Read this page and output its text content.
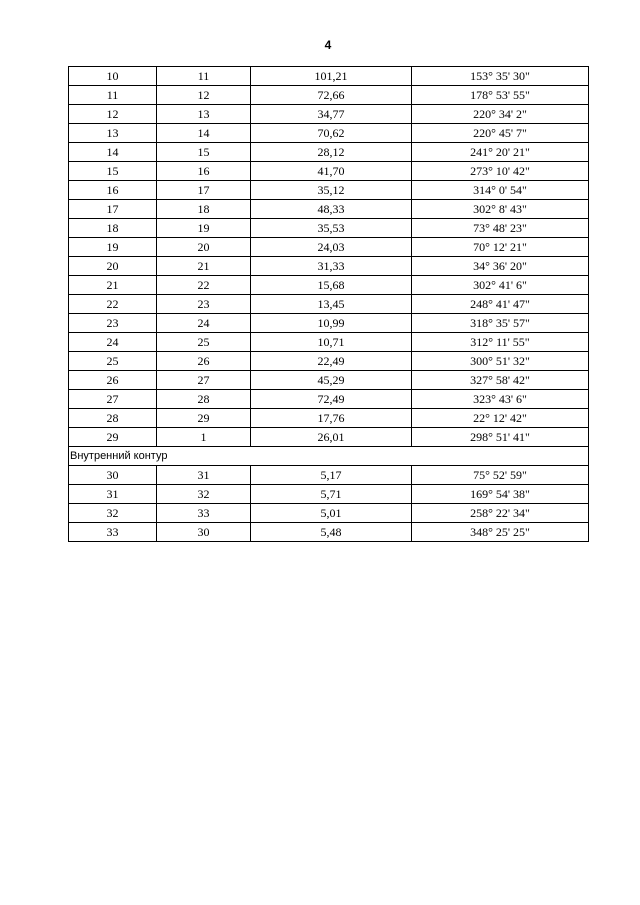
4
10	11	101,21	153° 35' 30"
11	12	72,66	178° 53' 55"
12	13	34,77	220° 34' 2"
13	14	70,62	220° 45' 7"
14	15	28,12	241° 20' 21"
15	16	41,70	273° 10' 42"
16	17	35,12	314° 0' 54"
17	18	48,33	302° 8' 43"
18	19	35,53	73° 48' 23"
19	20	24,03	70° 12' 21"
20	21	31,33	34° 36' 20"
21	22	15,68	302° 41' 6"
22	23	13,45	248° 41' 47"
23	24	10,99	318° 35' 57"
24	25	10,71	312° 11' 55"
25	26	22,49	300° 51' 32"
26	27	45,29	327° 58' 42"
27	28	72,49	323° 43' 6"
28	29	17,76	22° 12' 42"
29	1	26,01	298° 51' 41"
Внутренний контур			
30	31	5,17	75° 52' 59"
31	32	5,71	169° 54' 38"
32	33	5,01	258° 22' 34"
33	30	5,48	348° 25' 25"
